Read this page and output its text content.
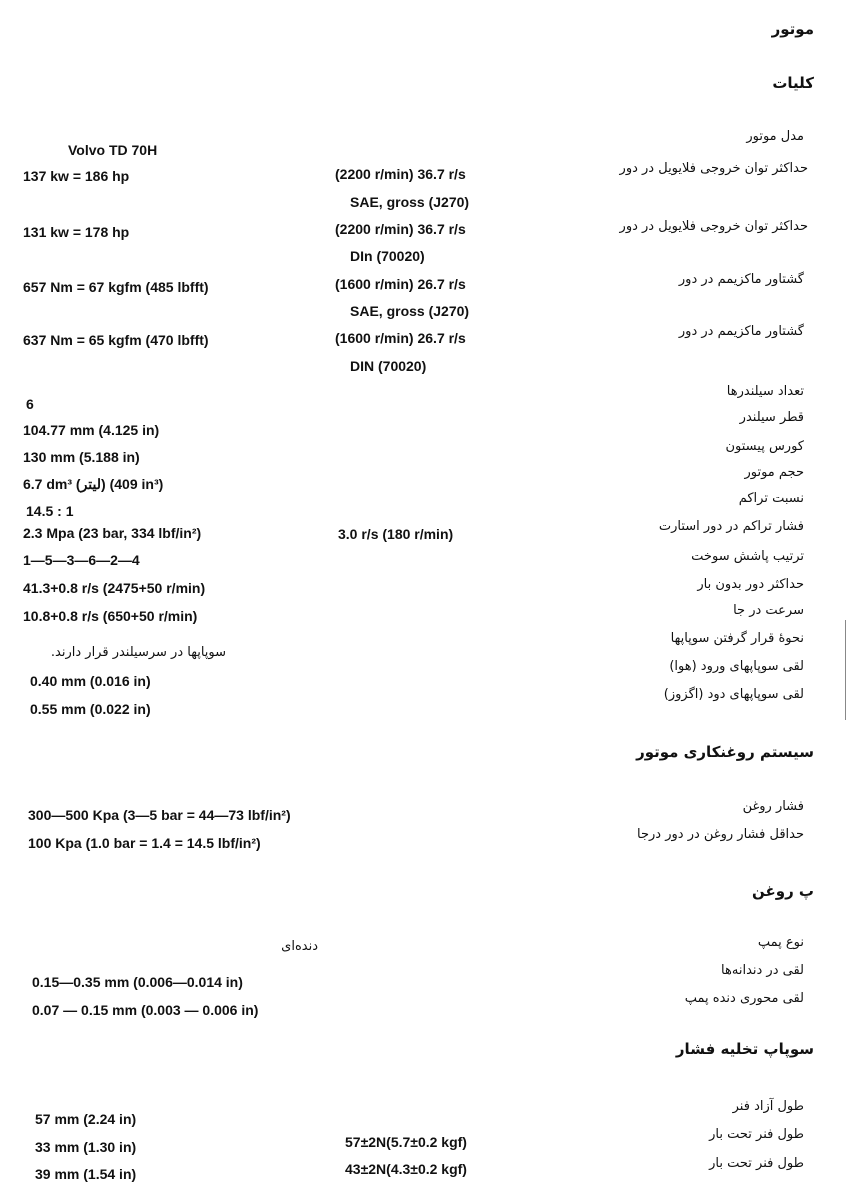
موتور
کلیات
مدل موتور
Volvo TD 70H
حداکثر توان خروجی فلایویل در دور
137 kw = 186 hp	(2200 r/min) 36.7 r/s
SAE, gross (J270)
حداکثر توان خروجی فلایویل در دور
131 kw = 178 hp	(2200 r/min) 36.7 r/s
DIn (70020)
گشتاور ماکزیمم در دور
657 Nm = 67 kgfm (485 lbfft)	(1600 r/min) 26.7 r/s
SAE, gross (J270)
گشتاور ماکزیمم در دور
637 Nm = 65 kgfm (470 lbfft)	(1600 r/min) 26.7 r/s
DIN (70020)
تعداد سیلندرها
6
قطر سیلندر
104.77 mm (4.125 in)
کورس پیستون
130 mm (5.188 in)
حجم موتور
6.7 dm³ (لیتر) (409 in³)
نسبت تراکم
14.5 : 1
فشار تراکم در دور استارت
2.3 Mpa (23 bar, 334 lbf/in²)	3.0 r/s (180 r/min)
ترتیب پاشش سوخت
1—5—3—6—2—4
حداکثر دور بدون بار
41.3+0.8 r/s (2475+50 r/min)
سرعت در جا
10.8+0.8 r/s (650+50 r/min)
نحوهٔ قرار گرفتن سوپاپها
سوپاپها در سرسیلندر قرار دارند.
لقی سوپاپهای ورود (هوا)
0.40 mm (0.016 in)
لقی سوپاپهای دود (اگزوز)
0.55 mm (0.022 in)
سیستم روغنکاری موتور
فشار روغن
300—500 Kpa (3—5 bar = 44—73 lbf/in²)
حداقل فشار روغن در دور درجا
100 Kpa (1.0 bar = 1.4 = 14.5 lbf/in²)
پ روغن
نوع پمپ
دنده‌ای
لقی در دندانه‌ها
0.15—0.35 mm (0.006—0.014 in)
لقی محوری دنده پمپ
0.07 — 0.15 mm (0.003 — 0.006 in)
سوپاپ تخلیه فشار
طول آزاد فنر
57 mm (2.24 in)
طول فنر تحت بار
33 mm (1.30 in)	57±2N(5.7±0.2 kgf)
طول فنر تحت بار
39 mm (1.54 in)	43±2N(4.3±0.2 kgf)
